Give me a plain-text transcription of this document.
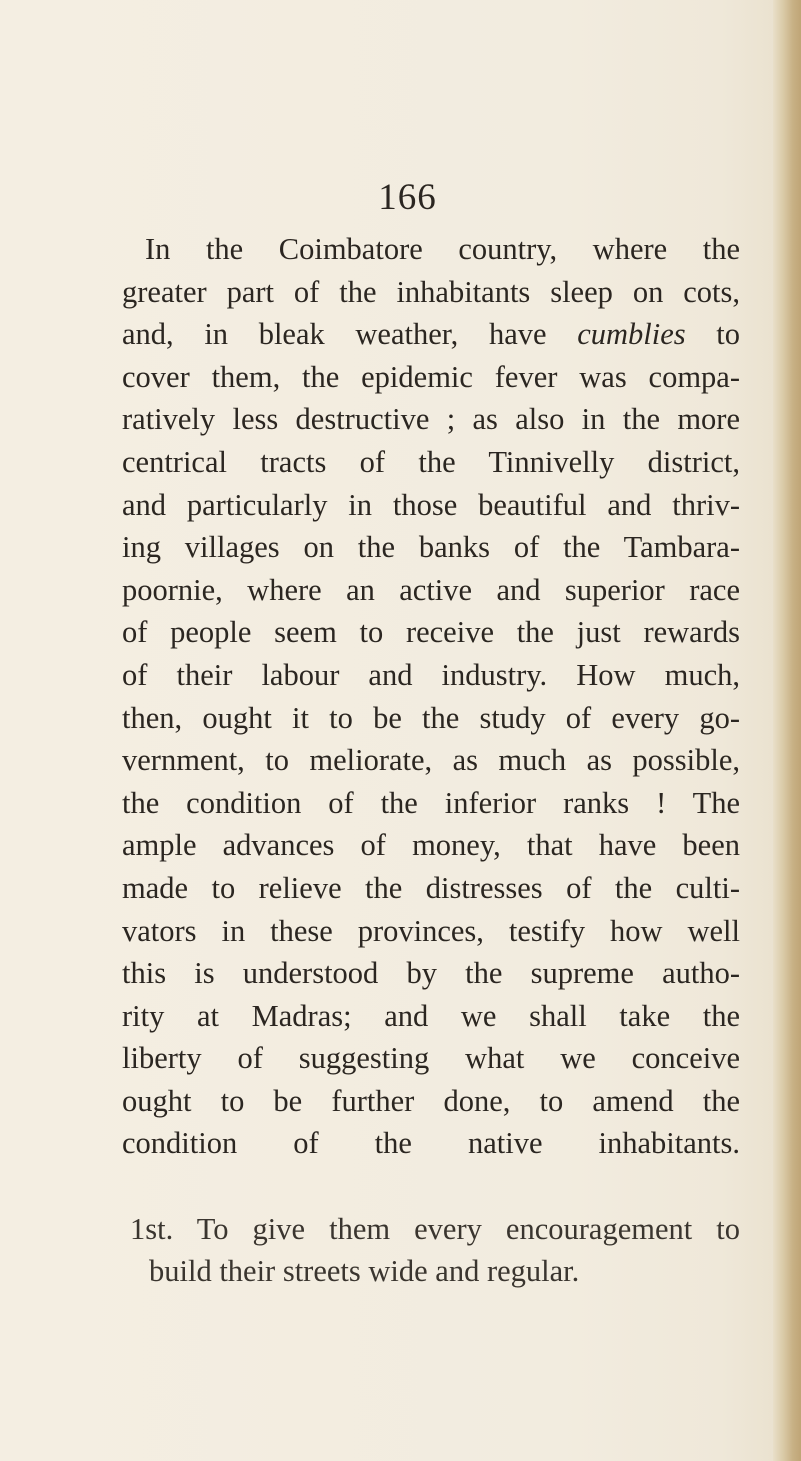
166
In the Coimbatore country, where the
greater part of the inhabitants sleep on cots,
and, in bleak weather, have cumblies to
cover them, the epidemic fever was compa-
ratively less destructive ; as also in the more
centrical tracts of the Tinnivelly district,
and particularly in those beautiful and thriv-
ing villages on the banks of the Tambara-
poornie, where an active and superior race
of people seem to receive the just rewards
of their labour and industry. How much,
then, ought it to be the study of every go-
vernment, to meliorate, as much as possible,
the condition of the inferior ranks ! The
ample advances of money, that have been
made to relieve the distresses of the culti-
vators in these provinces, testify how well
this is understood by the supreme autho-
rity at Madras; and we shall take the
liberty of suggesting what we conceive
ought to be further done, to amend the
condition of the native inhabitants.
1st. To give them every encouragement to
build their streets wide and regular.
